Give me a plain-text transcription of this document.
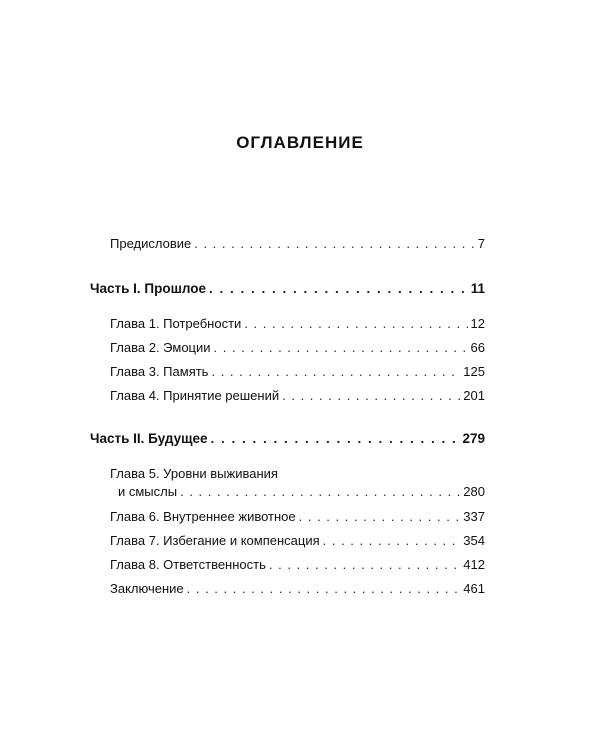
ОГЛАВЛЕНИЕ
Предисловие . . .	7
Часть I. Прошлое . . .	11
Глава 1. Потребности . . .	12
Глава 2. Эмоции . . .	66
Глава 3. Память . . .	125
Глава 4. Принятие решений . . .	201
Часть II. Будущее . . .	279
Глава 5. Уровни выживания
и смыслы . . .	280
Глава 6. Внутреннее животное . . .	337
Глава 7. Избегание и компенсация . . .	354
Глава 8. Ответственность . . .	412
Заключение . . .	461
